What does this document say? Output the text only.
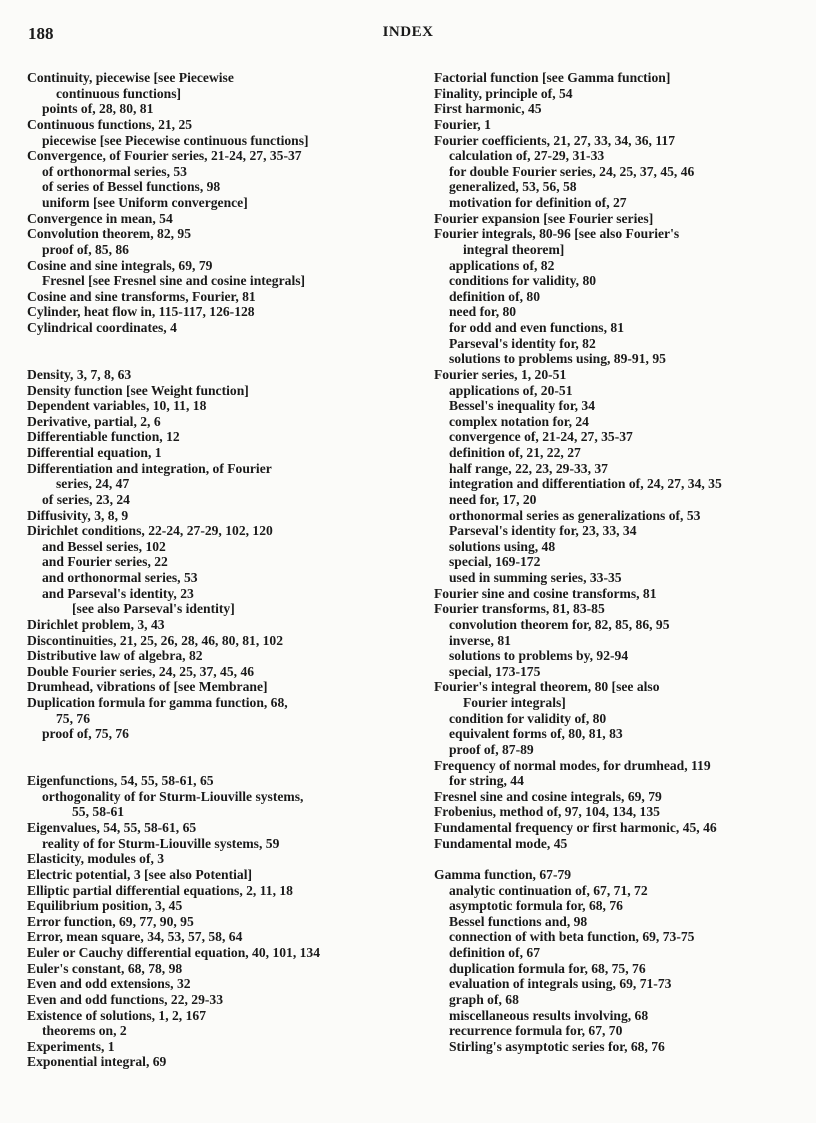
188	INDEX
Continuity, piecewise [see Piecewise
continuous functions]
points of, 28, 80, 81
Continuous functions, 21, 25
piecewise [see Piecewise continuous functions]
Convergence, of Fourier series, 21-24, 27, 35-37
of orthonormal series, 53
of series of Bessel functions, 98
uniform [see Uniform convergence]
Convergence in mean, 54
Convolution theorem, 82, 95
proof of, 85, 86
Cosine and sine integrals, 69, 79
Fresnel [see Fresnel sine and cosine integrals]
Cosine and sine transforms, Fourier, 81
Cylinder, heat flow in, 115-117, 126-128
Cylindrical coordinates, 4
Density, 3, 7, 8, 63
Density function [see Weight function]
Dependent variables, 10, 11, 18
Derivative, partial, 2, 6
Differentiable function, 12
Differential equation, 1
Differentiation and integration, of Fourier
series, 24, 47
of series, 23, 24
Diffusivity, 3, 8, 9
Dirichlet conditions, 22-24, 27-29, 102, 120
and Bessel series, 102
and Fourier series, 22
and orthonormal series, 53
and Parseval's identity, 23
[see also Parseval's identity]
Dirichlet problem, 3, 43
Discontinuities, 21, 25, 26, 28, 46, 80, 81, 102
Distributive law of algebra, 82
Double Fourier series, 24, 25, 37, 45, 46
Drumhead, vibrations of [see Membrane]
Duplication formula for gamma function, 68,
75, 76
proof of, 75, 76
Eigenfunctions, 54, 55, 58-61, 65
orthogonality of for Sturm-Liouville systems,
55, 58-61
Eigenvalues, 54, 55, 58-61, 65
reality of for Sturm-Liouville systems, 59
Elasticity, modules of, 3
Electric potential, 3 [see also Potential]
Elliptic partial differential equations, 2, 11, 18
Equilibrium position, 3, 45
Error function, 69, 77, 90, 95
Error, mean square, 34, 53, 57, 58, 64
Euler or Cauchy differential equation, 40, 101, 134
Euler's constant, 68, 78, 98
Even and odd extensions, 32
Even and odd functions, 22, 29-33
Existence of solutions, 1, 2, 167
theorems on, 2
Experiments, 1
Exponential integral, 69
Factorial function [see Gamma function]
Finality, principle of, 54
First harmonic, 45
Fourier, 1
Fourier coefficients, 21, 27, 33, 34, 36, 117
calculation of, 27-29, 31-33
for double Fourier series, 24, 25, 37, 45, 46
generalized, 53, 56, 58
motivation for definition of, 27
Fourier expansion [see Fourier series]
Fourier integrals, 80-96 [see also Fourier's
integral theorem]
applications of, 82
conditions for validity, 80
definition of, 80
need for, 80
for odd and even functions, 81
Parseval's identity for, 82
solutions to problems using, 89-91, 95
Fourier series, 1, 20-51
applications of, 20-51
Bessel's inequality for, 34
complex notation for, 24
convergence of, 21-24, 27, 35-37
definition of, 21, 22, 27
half range, 22, 23, 29-33, 37
integration and differentiation of, 24, 27, 34, 35
need for, 17, 20
orthonormal series as generalizations of, 53
Parseval's identity for, 23, 33, 34
solutions using, 48
special, 169-172
used in summing series, 33-35
Fourier sine and cosine transforms, 81
Fourier transforms, 81, 83-85
convolution theorem for, 82, 85, 86, 95
inverse, 81
solutions to problems by, 92-94
special, 173-175
Fourier's integral theorem, 80 [see also
Fourier integrals]
condition for validity of, 80
equivalent forms of, 80, 81, 83
proof of, 87-89
Frequency of normal modes, for drumhead, 119
for string, 44
Fresnel sine and cosine integrals, 69, 79
Frobenius, method of, 97, 104, 134, 135
Fundamental frequency or first harmonic, 45, 46
Fundamental mode, 45
Gamma function, 67-79
analytic continuation of, 67, 71, 72
asymptotic formula for, 68, 76
Bessel functions and, 98
connection of with beta function, 69, 73-75
definition of, 67
duplication formula for, 68, 75, 76
evaluation of integrals using, 69, 71-73
graph of, 68
miscellaneous results involving, 68
recurrence formula for, 67, 70
Stirling's asymptotic series for, 68, 76
